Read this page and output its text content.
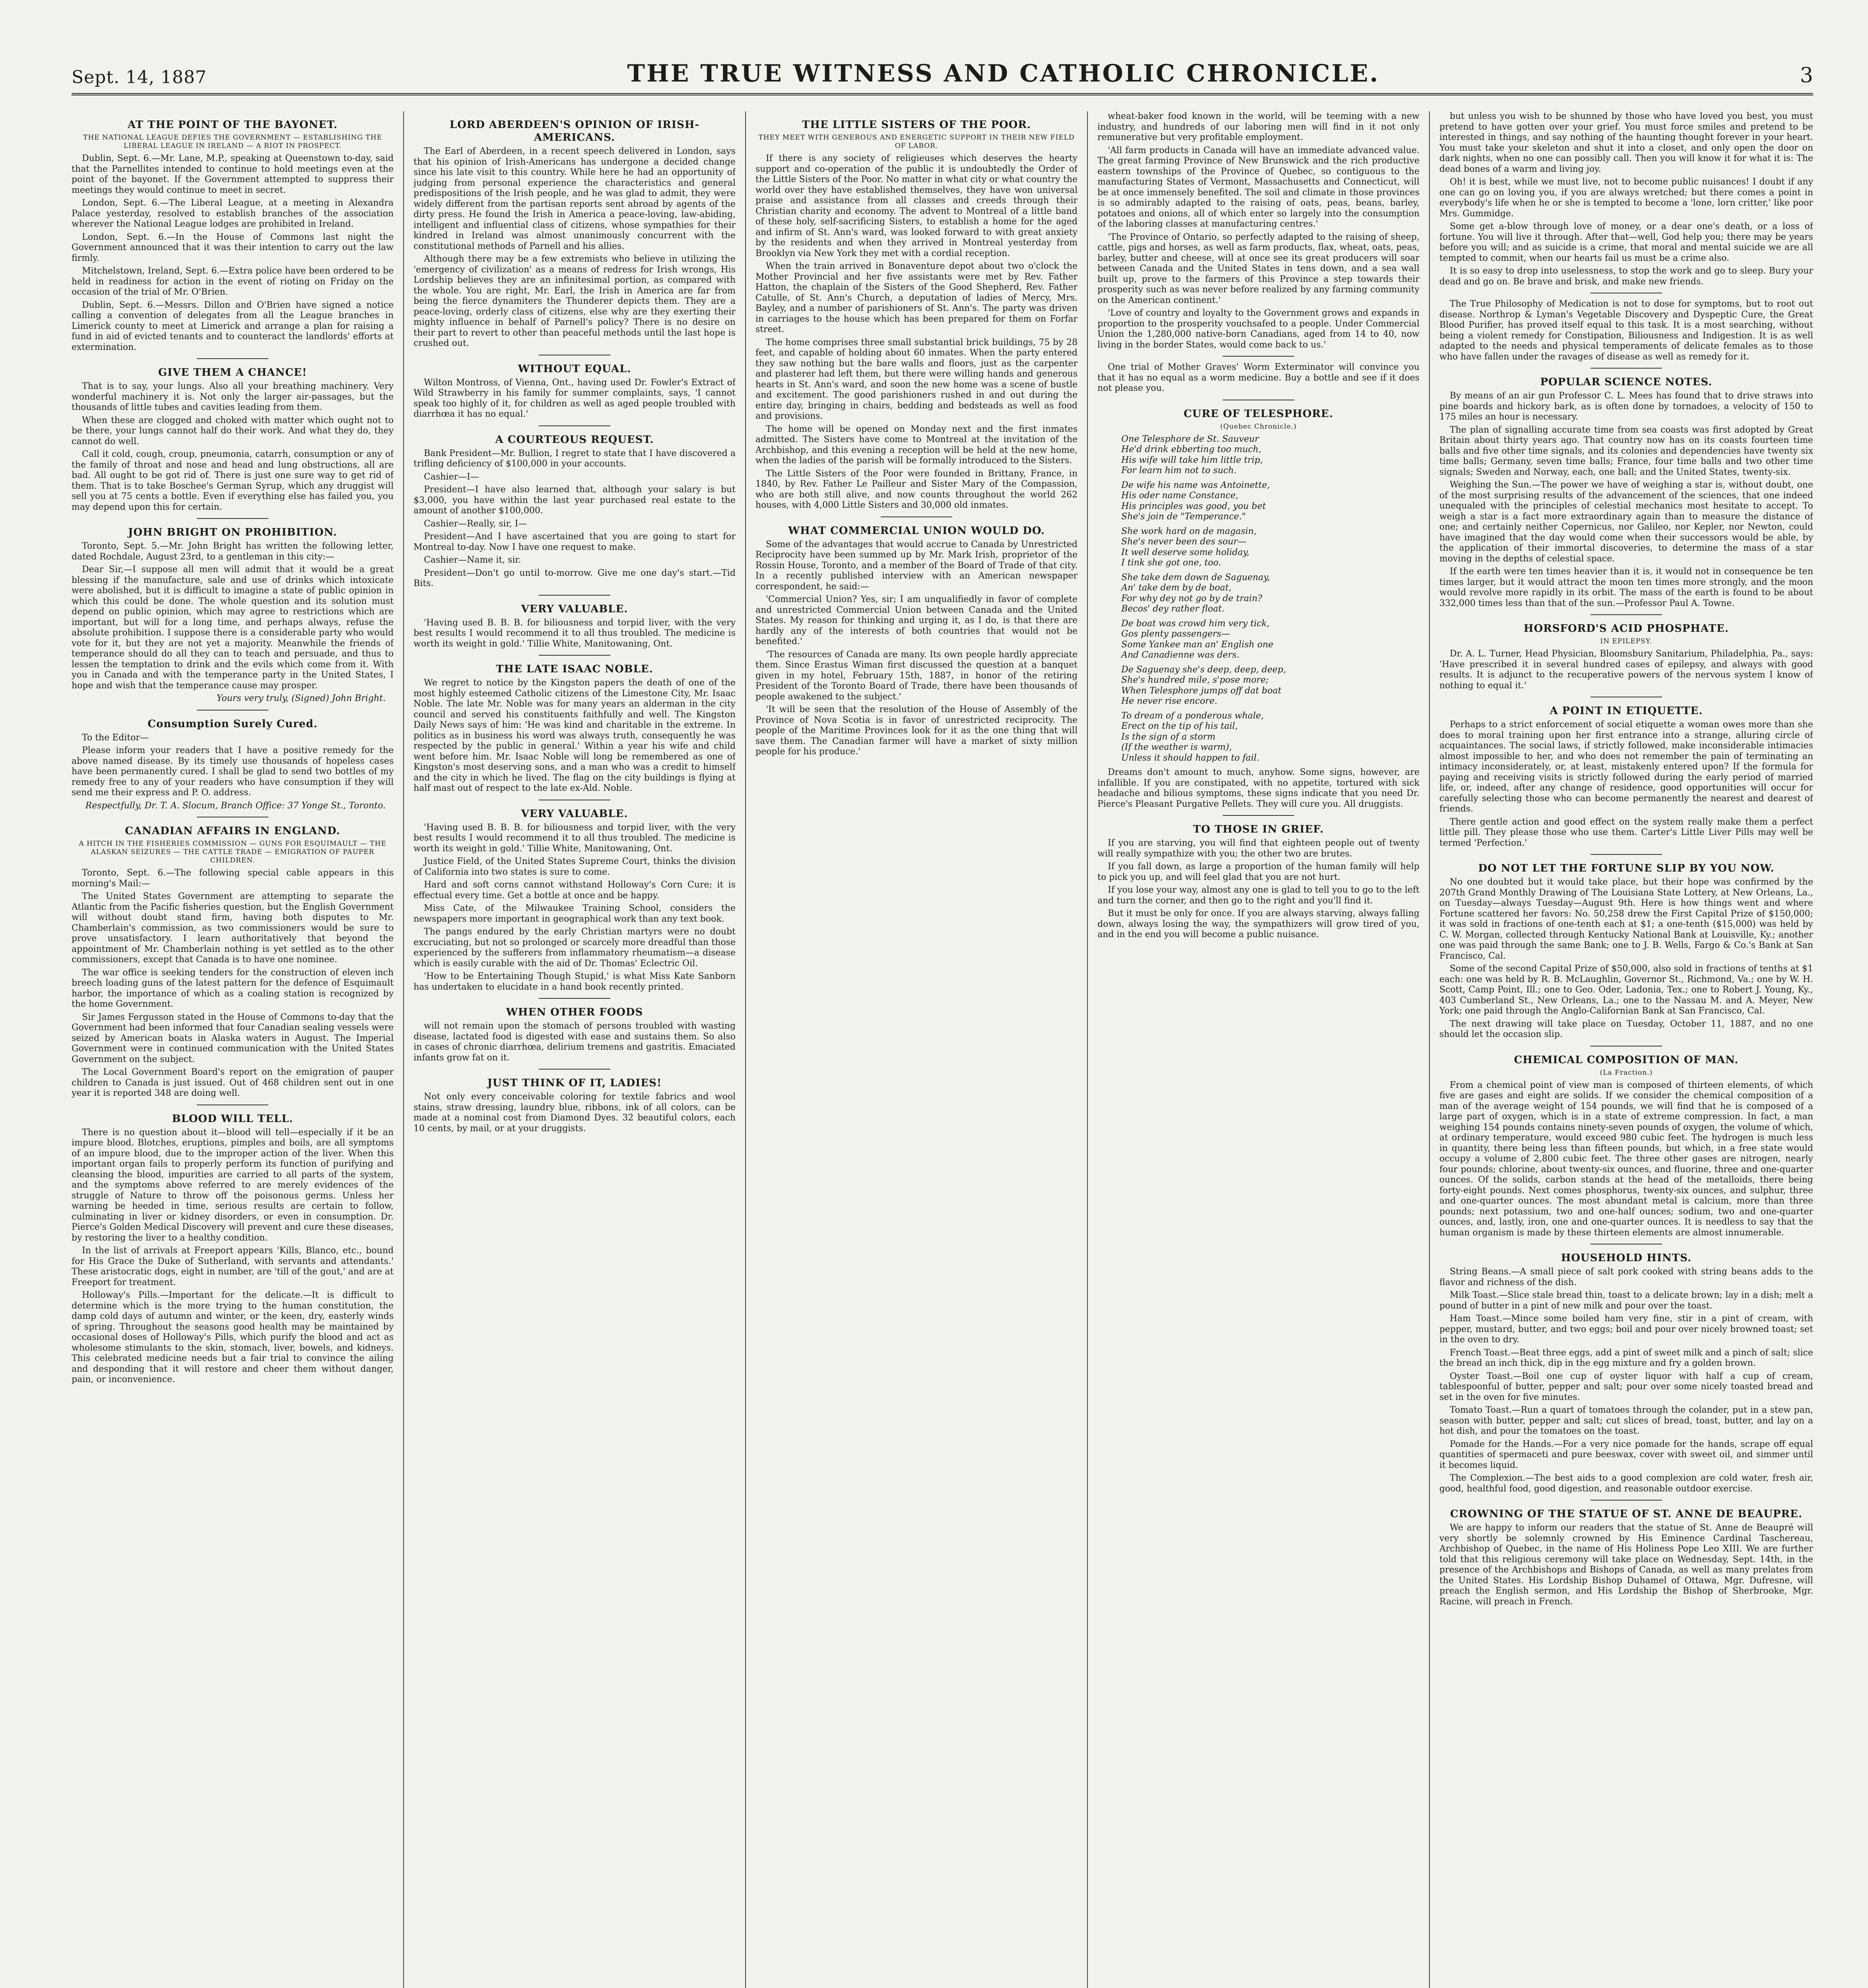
Sept. 14, 1887	THE TRUE WITNESS AND CATHOLIC CHRONICLE.	3
AT THE POINT OF THE BAYONET.
THE NATIONAL LEAGUE DEFIES THE GOVERNMENT — ESTABLISHING THE LIBERAL LEAGUE IN IRELAND — A RIOT IN PROSPECT.

Dublin, Sept. 6.—Mr. Lane, M.P., speaking at Queenstown to-day, said that the Parnellites intended to continue to hold meetings even at the point of the bayonet. If the Government attempted to suppress their meetings they would continue to meet in secret.

London, Sept. 6.—The Liberal League, at a meeting in Alexandra Palace yesterday, resolved to establish branches of the association wherever the National League lodges are prohibited in Ireland.

London, Sept. 6.—In the House of Commons last night the Government announced that it was their intention to carry out the law firmly.

Mitchelstown, Ireland, Sept. 6.—Extra police have been ordered to be held in readiness for action in the event of rioting on Friday on the occasion of the trial of Mr. O'Brien.

Dublin, Sept. 6.—Messrs. Dillon and O'Brien have signed a notice calling a convention of delegates from all the League branches in Limerick county to meet at Limerick and arrange a plan for raising a fund in aid of evicted tenants and to counteract the landlords' efforts at extermination.

GIVE THEM A CHANCE!

That is to say, your lungs. Also all your breathing machinery. Very wonderful machinery it is. Not only the larger air-passages, but the thousands of little tubes and cavities leading from them.

When these are clogged and choked with matter which ought not to be there, your lungs cannot half do their work. And what they do, they cannot do well.

Call it cold, cough, croup, pneumonia, catarrh, consumption or any of the family of throat and nose and head and lung obstructions, all are bad. All ought to be got rid of. There is just one sure way to get rid of them. That is to take Boschee's German Syrup, which any druggist will sell you at 75 cents a bottle. Even if everything else has failed you, you may depend upon this for certain.

JOHN BRIGHT ON PROHIBITION.

Toronto, Sept. 5.—Mr. John Bright has written the following letter, dated Rochdale, August 23rd, to a gentleman in this city:—

Dear Sir,—I suppose all men will admit that it would be a great blessing if the manufacture, sale and use of drinks which intoxicate were abolished, but it is difficult to imagine a state of public opinion in which this could be done. The whole question and its solution must depend on public opinion, which may agree to restrictions which are important, but will for a long time, and perhaps always, refuse the absolute prohibition. I suppose there is a considerable party who would vote for it, but they are not yet a majority. Meanwhile the friends of temperance should do all they can to teach and persuade, and thus to lessen the temptation to drink and the evils which come from it. With you in Canada and with the temperance party in the United States, I hope and wish that the temperance cause may prosper.

Yours very truly, (Signed) John Bright.

Consumption Surely Cured.

To the Editor—

Please inform your readers that I have a positive remedy for the above named disease. By its timely use thousands of hopeless cases have been permanently cured. I shall be glad to send two bottles of my remedy free to any of your readers who have consumption if they will send me their express and P. O. address.

Respectfully, Dr. T. A. Slocum, Branch Office: 37 Yonge St., Toronto.

CANADIAN AFFAIRS IN ENGLAND.
A HITCH IN THE FISHERIES COMMISSION — GUNS FOR ESQUIMAULT — THE ALASKAN SEIZURES — THE CATTLE TRADE — EMIGRATION OF PAUPER CHILDREN.

Toronto, Sept. 6.—The following special cable appears in this morning's Mail:—

The United States Government are attempting to separate the Atlantic from the Pacific fisheries question, but the English Government will without doubt stand firm, having both disputes to Mr. Chamberlain's commission, as two commissioners would be sure to prove unsatisfactory. I learn authoritatively that beyond the appointment of Mr. Chamberlain nothing is yet settled as to the other commissioners, except that Canada is to have one nominee.

The war office is seeking tenders for the construction of eleven inch breech loading guns of the latest pattern for the defence of Esquimault harbor, the importance of which as a coaling station is recognized by the home Government.

Sir James Fergusson stated in the House of Commons to-day that the Government had been informed that four Canadian sealing vessels were seized by American boats in Alaska waters in August. The Imperial Government were in continued communication with the United States Government on the subject.

The Local Government Board's report on the emigration of pauper children to Canada is just issued. Out of 468 children sent out in one year it is reported 348 are doing well.

BLOOD WILL TELL.

There is no question about it—blood will tell—especially if it be an impure blood. Blotches, eruptions, pimples and boils, are all symptoms of an impure blood, due to the improper action of the liver. When this important organ fails to properly perform its function of purifying and cleansing the blood, impurities are carried to all parts of the system, and the symptoms above referred to are merely evidences of the struggle of Nature to throw off the poisonous germs. Unless her warning be heeded in time, serious results are certain to follow, culminating in liver or kidney disorders, or even in consumption. Dr. Pierce's Golden Medical Discovery will prevent and cure these diseases, by restoring the liver to a healthy condition.

In the list of arrivals at Freeport appears 'Kills, Blanco, etc., bound for His Grace the Duke of Sutherland, with servants and attendants.' These aristocratic dogs, eight in number, are 'till of the gout,' and are at Freeport for treatment.

Holloway's Pills.—Important for the delicate.—It is difficult to determine which is the more trying to the human constitution, the damp cold days of autumn and winter, or the keen, dry, easterly winds of spring. Throughout the seasons good health may be maintained by occasional doses of Holloway's Pills, which purify the blood and act as wholesome stimulants to the skin, stomach, liver, bowels, and kidneys. This celebrated medicine needs but a fair trial to convince the ailing and desponding that it will restore and cheer them without danger, pain, or inconvenience.

LORD ABERDEEN'S OPINION OF IRISH-AMERICANS.

The Earl of Aberdeen, in a recent speech delivered in London, says that his opinion of Irish-Americans has undergone a decided change since his late visit to this country. While here he had an opportunity of judging from personal experience the characteristics and general predispositions of the Irish people, and he was glad to admit, they were widely different from the partisan reports sent abroad by agents of the dirty press. He found the Irish in America a peace-loving, law-abiding, intelligent and influential class of citizens, whose sympathies for their kindred in Ireland was almost unanimously concurrent with the constitutional methods of Parnell and his allies.

Although there may be a few extremists who believe in utilizing the 'emergency of civilization' as a means of redress for Irish wrongs, His Lordship believes they are an infinitesimal portion, as compared with the whole. You are right, Mr. Earl, the Irish in America are far from being the fierce dynamiters the Thunderer depicts them. They are a peace-loving, orderly class of citizens, else why are they exerting their mighty influence in behalf of Parnell's policy? There is no desire on their part to revert to other than peaceful methods until the last hope is crushed out.

WITHOUT EQUAL.

Wilton Montross, of Vienna, Ont., having used Dr. Fowler's Extract of Wild Strawberry in his family for summer complaints, says, 'I cannot speak too highly of it, for children as well as aged people troubled with diarrhœa it has no equal.'

A COURTEOUS REQUEST.

Bank President—Mr. Bullion, I regret to state that I have discovered a trifling deficiency of $100,000 in your accounts.

Cashier—I—

President—I have also learned that, although your salary is but $3,000, you have within the last year purchased real estate to the amount of another $100,000.

Cashier—Really, sir, I—

President—And I have ascertained that you are going to start for Montreal to-day. Now I have one request to make.

Cashier—Name it, sir.

President—Don't go until to-morrow. Give me one day's start.—Tid Bits.

VERY VALUABLE.

'Having used B. B. B. for biliousness and torpid liver, with the very best results I would recommend it to all thus troubled. The medicine is worth its weight in gold.' Tillie White, Manitowaning, Ont.

THE LATE ISAAC NOBLE.

We regret to notice by the Kingston papers the death of one of the most highly esteemed Catholic citizens of the Limestone City, Mr. Isaac Noble. The late Mr. Noble was for many years an alderman in the city council and served his constituents faithfully and well. The Kingston Daily News says of him: 'He was kind and charitable in the extreme. In politics as in business his word was always truth, consequently he was respected by the public in general.' Within a year his wife and child went before him. Mr. Isaac Noble will long be remembered as one of Kingston's most deserving sons, and a man who was a credit to himself and the city in which he lived. The flag on the city buildings is flying at half mast out of respect to the late ex-Ald. Noble.

VERY VALUABLE.

'Having used B. B. B. for biliousness and torpid liver, with the very best results I would recommend it to all thus troubled. The medicine is worth its weight in gold.' Tillie White, Manitowaning, Ont.

Justice Field, of the United States Supreme Court, thinks the division of California into two states is sure to come.

Hard and soft corns cannot withstand Holloway's Corn Cure; it is effectual every time. Get a bottle at once and be happy.

Miss Cate, of the Milwaukee Training School, considers the newspapers more important in geographical work than any text book.

The pangs endured by the early Christian martyrs were no doubt excruciating, but not so prolonged or scarcely more dreadful than those experienced by the sufferers from inflammatory rheumatism—a disease which is easily curable with the aid of Dr. Thomas' Eclectric Oil.

'How to be Entertaining Though Stupid,' is what Miss Kate Sanborn has undertaken to elucidate in a hand book recently printed.

WHEN OTHER FOODS

will not remain upon the stomach of persons troubled with wasting disease, lactated food is digested with ease and sustains them. So also in cases of chronic diarrhœa, delirium tremens and gastritis. Emaciated infants grow fat on it.

JUST THINK OF IT, LADIES!

Not only every conceivable coloring for textile fabrics and wool stains, straw dressing, laundry blue, ribbons, ink of all colors, can be made at a nominal cost from Diamond Dyes. 32 beautiful colors, each 10 cents, by mail, or at your druggists.

THE LITTLE SISTERS OF THE POOR.
THEY MEET WITH GENEROUS AND ENERGETIC SUPPORT IN THEIR NEW FIELD OF LABOR.

If there is any society of religieuses which deserves the hearty support and co-operation of the public it is undoubtedly the Order of the Little Sisters of the Poor. No matter in what city or what country the world over they have established themselves, they have won universal praise and assistance from all classes and creeds through their Christian charity and economy. The advent to Montreal of a little band of these holy, self-sacrificing Sisters, to establish a home for the aged and infirm of St. Ann's ward, was looked forward to with great anxiety by the residents and when they arrived in Montreal yesterday from Brooklyn via New York they met with a cordial reception.

When the train arrived in Bonaventure depot about two o'clock the Mother Provincial and her five assistants were met by Rev. Father Hatton, the chaplain of the Sisters of the Good Shepherd, Rev. Father Catulle, of St. Ann's Church, a deputation of ladies of Mercy, Mrs. Bayley, and a number of parishioners of St. Ann's. The party was driven in carriages to the house which has been prepared for them on Forfar street.

The home comprises three small substantial brick buildings, 75 by 28 feet, and capable of holding about 60 inmates. When the party entered they saw nothing but the bare walls and floors, just as the carpenter and plasterer had left them, but there were willing hands and generous hearts in St. Ann's ward, and soon the new home was a scene of bustle and excitement. The good parishioners rushed in and out during the entire day, bringing in chairs, bedding and bedsteads as well as food and provisions.

The home will be opened on Monday next and the first inmates admitted. The Sisters have come to Montreal at the invitation of the Archbishop, and this evening a reception will be held at the new home, when the ladies of the parish will be formally introduced to the Sisters.

The Little Sisters of the Poor were founded in Brittany, France, in 1840, by Rev. Father Le Pailleur and Sister Mary of the Compassion, who are both still alive, and now counts throughout the world 262 houses, with 4,000 Little Sisters and 30,000 old inmates.

WHAT COMMERCIAL UNION WOULD DO.

Some of the advantages that would accrue to Canada by Unrestricted Reciprocity have been summed up by Mr. Mark Irish, proprietor of the Rossin House, Toronto, and a member of the Board of Trade of that city. In a recently published interview with an American newspaper correspondent, he said:—

'Commercial Union? Yes, sir; I am unqualifiedly in favor of complete and unrestricted Commercial Union between Canada and the United States. My reason for thinking and urging it, as I do, is that there are hardly any of the interests of both countries that would not be benefited.'

'The resources of Canada are many. Its own people hardly appreciate them. Since Erastus Wiman first discussed the question at a banquet given in my hotel, February 15th, 1887, in honor of the retiring President of the Toronto Board of Trade, there have been thousands of people awakened to the subject.'

'It will be seen that the resolution of the House of Assembly of the Province of Nova Scotia is in favor of unrestricted reciprocity. The people of the Maritime Provinces look for it as the one thing that will save them. The Canadian farmer will have a market of sixty million people for his produce.'

wheat-baker food known in the world, will be teeming with a new industry, and hundreds of our laboring men will find in it not only remunerative but very profitable employment.

'All farm products in Canada will have an immediate advanced value. The great farming Province of New Brunswick and the rich productive eastern townships of the Province of Quebec, so contiguous to the manufacturing States of Vermont, Massachusetts and Connecticut, will be at once immensely benefited. The soil and climate in those provinces is so admirably adapted to the raising of oats, peas, beans, barley, potatoes and onions, all of which enter so largely into the consumption of the laboring classes at manufacturing centres.'

'The Province of Ontario, so perfectly adapted to the raising of sheep, cattle, pigs and horses, as well as farm products, flax, wheat, oats, peas, barley, butter and cheese, will at once see its great producers will soar between Canada and the United States in tens down, and a sea wall built up, prove to the farmers of this Province a step towards their prosperity such as was never before realized by any farming community on the American continent.'

'Love of country and loyalty to the Government grows and expands in proportion to the prosperity vouchsafed to a people. Under Commercial Union the 1,280,000 native-born Canadians, aged from 14 to 40, now living in the border States, would come back to us.'

One trial of Mother Graves' Worm Exterminator will convince you that it has no equal as a worm medicine. Buy a bottle and see if it does not please you.

CURE OF TELESPHORE.
(Quebec Chronicle.)

One Telesphore de St. Sauveur
He'd drink ebberting too much,
His wife will take him little trip,
For learn him not to such.

De wife his name was Antoinette,
His oder name Constance,
His principles was good, you bet
She's join de "Temperance."

She work hard on de magasin,
She's never been des sour—
It well deserve some holiday,
I tink she got one, too.

She take dem down de Saguenay,
An' take dem by de boat,
For why dey not go by de train?
Becos' dey rather float.

De boat was crowd him very tick,
Gos plenty passengers—
Some Yankee man an' English one
And Canadienne was ders.

De Saguenay she's deep, deep, deep,
She's hundred mile, s'pose more;
When Telesphore jumps off dat boat
He never rise encore.

To dream of a ponderous whale,
Erect on the tip of his tail,
Is the sign of a storm
(If the weather is warm),
Unless it should happen to fail.

Dreams don't amount to much, anyhow. Some signs, however, are infallible. If you are constipated, with no appetite, tortured with sick headache and bilious symptoms, these signs indicate that you need Dr. Pierce's Pleasant Purgative Pellets. They will cure you. All druggists.

TO THOSE IN GRIEF.

If you are starving, you will find that eighteen people out of twenty will really sympathize with you; the other two are brutes.

If you fall down, as large a proportion of the human family will help to pick you up, and will feel glad that you are not hurt.

If you lose your way, almost any one is glad to tell you to go to the left and turn the corner, and then go to the right and you'll find it.

But it must be only for once. If you are always starving, always falling down, always losing the way, the sympathizers will grow tired of you, and in the end you will become a public nuisance.

but unless you wish to be shunned by those who have loved you best, you must pretend to have gotten over your grief. You must force smiles and pretend to be interested in things, and say nothing of the haunting thought forever in your heart. You must take your skeleton and shut it into a closet, and only open the door on dark nights, when no one can possibly call. Then you will know it for what it is: The dead bones of a warm and living joy.

Oh! it is best, while we must live, not to become public nuisances! I doubt if any one can go on loving you, if you are always wretched; but there comes a point in everybody's life when he or she is tempted to become a 'lone, lorn critter,' like poor Mrs. Gummidge.

Some get a-blow through love of money, or a dear one's death, or a loss of fortune. You will live it through. After that—well, God help you; there may be years before you will; and as suicide is a crime, that moral and mental suicide we are all tempted to commit, when our hearts fail us must be a crime also.

It is so easy to drop into uselessness, to stop the work and go to sleep. Bury your dead and go on. Be brave and brisk, and make new friends.

The True Philosophy of Medication is not to dose for symptoms, but to root out disease. Northrop & Lyman's Vegetable Discovery and Dyspeptic Cure, the Great Blood Purifier, has proved itself equal to this task. It is a most searching, without being a violent remedy for Constipation, Biliousness and Indigestion. It is as well adapted to the needs and physical temperaments of delicate females as to those who have fallen under the ravages of disease as well as remedy for it.

POPULAR SCIENCE NOTES.

By means of an air gun Professor C. L. Mees has found that to drive straws into pine boards and hickory bark, as is often done by tornadoes, a velocity of 150 to 175 miles an hour is necessary.

The plan of signalling accurate time from sea coasts was first adopted by Great Britain about thirty years ago. That country now has on its coasts fourteen time balls and five other time signals, and its colonies and dependencies have twenty six time balls; Germany, seven time balls; France, four time balls and two other time signals; Sweden and Norway, each, one ball; and the United States, twenty-six.

Weighing the Sun.—The power we have of weighing a star is, without doubt, one of the most surprising results of the advancement of the sciences, that one indeed unequaled with the principles of celestial mechanics most hesitate to accept. To weigh a star is a fact more extraordinary again than to measure the distance of one; and certainly neither Copernicus, nor Galileo, nor Kepler, nor Newton, could have imagined that the day would come when their successors would be able, by the application of their immortal discoveries, to determine the mass of a star moving in the depths of celestial space.

If the earth were ten times heavier than it is, it would not in consequence be ten times larger, but it would attract the moon ten times more strongly, and the moon would revolve more rapidly in its orbit. The mass of the earth is found to be about 332,000 times less than that of the sun.—Professor Paul A. Towne.

HORSFORD'S ACID PHOSPHATE.
IN EPILEPSY.

Dr. A. L. Turner, Head Physician, Bloomsbury Sanitarium, Philadelphia, Pa., says: 'Have prescribed it in several hundred cases of epilepsy, and always with good results. It is adjunct to the recuperative powers of the nervous system I know of nothing to equal it.'

A POINT IN ETIQUETTE.

Perhaps to a strict enforcement of social etiquette a woman owes more than she does to moral training upon her first entrance into a strange, alluring circle of acquaintances. The social laws, if strictly followed, make inconsiderable intimacies almost impossible to her, and who does not remember the pain of terminating an intimacy inconsiderately, or, at least, mistakenly entered upon? If the formula for paying and receiving visits is strictly followed during the early period of married life, or, indeed, after any change of residence, good opportunities will occur for carefully selecting those who can become permanently the nearest and dearest of friends.

There gentle action and good effect on the system really make them a perfect little pill. They please those who use them. Carter's Little Liver Pills may well be termed 'Perfection.'

DO NOT LET THE FORTUNE SLIP BY YOU NOW.

No one doubted but it would take place, but their hope was confirmed by the 207th Grand Monthly Drawing of The Louisiana State Lottery, at New Orleans, La., on Tuesday—always Tuesday—August 9th. Here is how things went and where Fortune scattered her favors: No. 50,258 drew the First Capital Prize of $150,000; it was sold in fractions of one-tenth each at $1; a one-tenth ($15,000) was held by C. W. Morgan, collected through Kentucky National Bank at Louisville, Ky.; another one was paid through the same Bank; one to J. B. Wells, Fargo & Co.'s Bank at San Francisco, Cal.

Some of the second Capital Prize of $50,000, also sold in fractions of tenths at $1 each: one was held by R. B. McLaughlin, Governor St., Richmond, Va.; one by W. H. Scott, Camp Point, Ill.; one to Geo. Oder, Ladonia, Tex.; one to Robert J. Young, Ky., 403 Cumberland St., New Orleans, La.; one to the Nassau M. and A. Meyer, New York; one paid through the Anglo-Californian Bank at San Francisco, Cal.

The next drawing will take place on Tuesday, October 11, 1887, and no one should let the occasion slip.

CHEMICAL COMPOSITION OF MAN.
(La Fraction.)

From a chemical point of view man is composed of thirteen elements, of which five are gases and eight are solids. If we consider the chemical composition of a man of the average weight of 154 pounds, we will find that he is composed of a large part of oxygen, which is in a state of extreme compression. In fact, a man weighing 154 pounds contains ninety-seven pounds of oxygen, the volume of which, at ordinary temperature, would exceed 980 cubic feet. The hydrogen is much less in quantity, there being less than fifteen pounds, but which, in a free state would occupy a volume of 2,800 cubic feet. The three other gases are nitrogen, nearly four pounds; chlorine, about twenty-six ounces, and fluorine, three and one-quarter ounces. Of the solids, carbon stands at the head of the metalloids, there being forty-eight pounds. Next comes phosphorus, twenty-six ounces, and sulphur, three and one-quarter ounces. The most abundant metal is calcium, more than three pounds; next potassium, two and one-half ounces; sodium, two and one-quarter ounces, and, lastly, iron, one and one-quarter ounces. It is needless to say that the human organism is made by these thirteen elements are almost innumerable.

HOUSEHOLD HINTS.

String Beans.—A small piece of salt pork cooked with string beans adds to the flavor and richness of the dish.

Milk Toast.—Slice stale bread thin, toast to a delicate brown; lay in a dish; melt a pound of butter in a pint of new milk and pour over the toast.

Ham Toast.—Mince some boiled ham very fine, stir in a pint of cream, with pepper, mustard, butter, and two eggs; boil and pour over nicely browned toast; set in the oven to dry.

French Toast.—Beat three eggs, add a pint of sweet milk and a pinch of salt; slice the bread an inch thick, dip in the egg mixture and fry a golden brown.

Oyster Toast.—Boil one cup of oyster liquor with half a cup of cream, tablespoonful of butter, pepper and salt; pour over some nicely toasted bread and set in the oven for five minutes.

Tomato Toast.—Run a quart of tomatoes through the colander, put in a stew pan, season with butter, pepper and salt; cut slices of bread, toast, butter, and lay on a hot dish, and pour the tomatoes on the toast.

Pomade for the Hands.—For a very nice pomade for the hands, scrape off equal quantities of spermaceti and pure beeswax, cover with sweet oil, and simmer until it becomes liquid.

The Complexion.—The best aids to a good complexion are cold water, fresh air, good, healthful food, good digestion, and reasonable outdoor exercise.

CROWNING OF THE STATUE OF ST. ANNE DE BEAUPRE.

We are happy to inform our readers that the statue of St. Anne de Beaupré will very shortly be solemnly crowned by His Eminence Cardinal Taschereau, Archbishop of Quebec, in the name of His Holiness Pope Leo XIII. We are further told that this religious ceremony will take place on Wednesday, Sept. 14th, in the presence of the Archbishops and Bishops of Canada, as well as many prelates from the United States. His Lordship Bishop Duhamel of Ottawa, Mgr. Dufresne, will preach the English sermon, and His Lordship the Bishop of Sherbrooke, Mgr. Racine, will preach in French.
